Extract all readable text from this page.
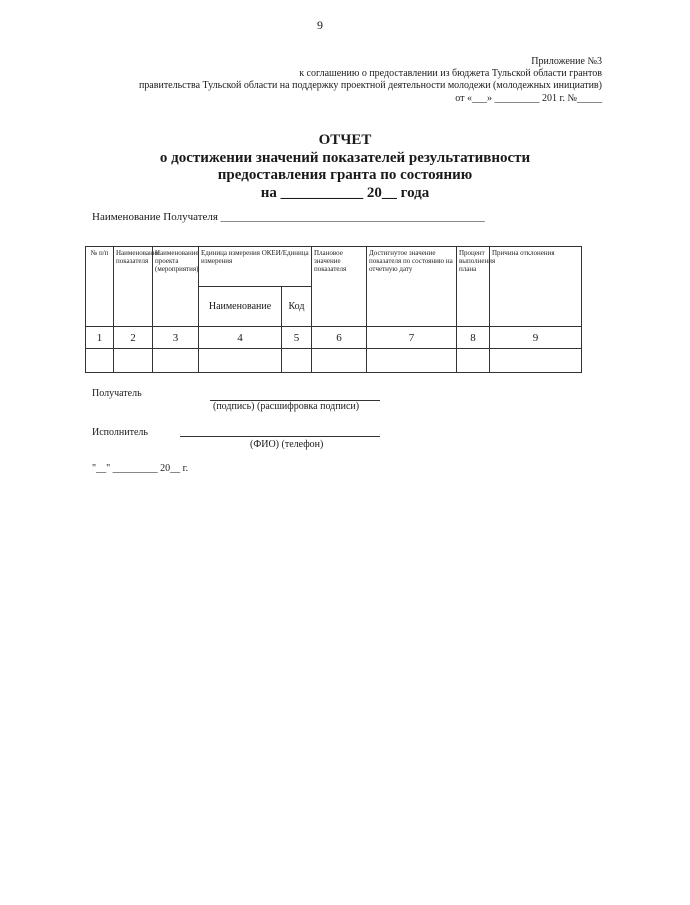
9
Приложение №3
к соглашению о предоставлении из бюджета Тульской области грантов
правительства Тульской области на поддержку проектной деятельности молодежи (молодежных инициатив)
от «___» _________ 201 г. №_____
ОТЧЕТ
о достижении значений показателей результативности
предоставления гранта по состоянию
на ___________ 20__ года
Наименование Получателя ________________________________________________
№ п/п	Наименование показателя	Наименование проекта (мероприятия)	Единица измерения ОКЕИ/Единица измерения		Плановое значение показателя	Достигнутое значение показателя по состоянию на отчетную дату	Процент выполнения плана	Причина отклонения
			Наименование	Код				
1	2	3	4	5	6	7	8	9

Получатель
(подпись) (расшифровка подписи)
Исполнитель
(ФИО) (телефон)
"__" _________ 20__ г.
